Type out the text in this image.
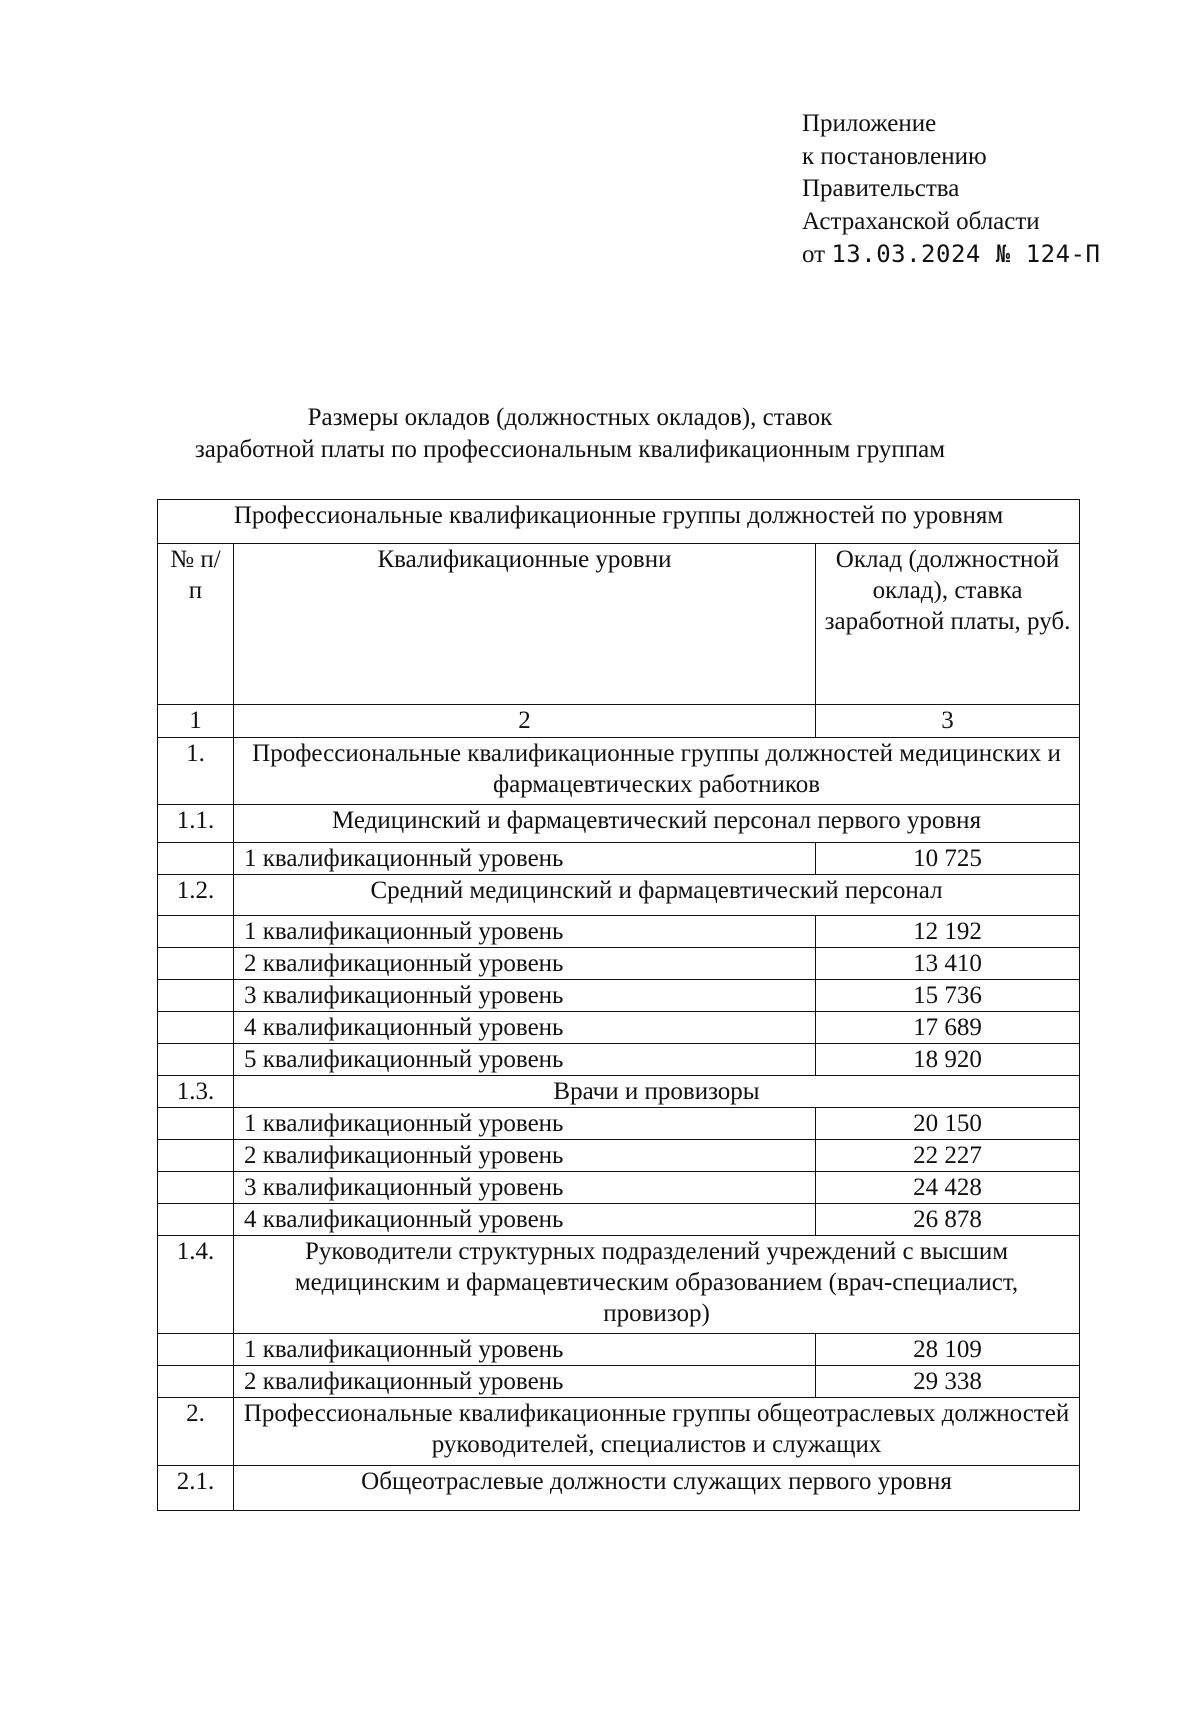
Приложение
к постановлению
Правительства
Астраханской области
от 13.03.2024 № 124-П
Размеры окладов (должностных окладов), ставок
заработной платы по профессиональным квалификационным группам
Профессиональные квалификационные группы должностей по уровням		
№ п/п	Квалификационные уровни	Оклад (должностной оклад), ставка заработной платы, руб.
1	2	3
1.	Профессиональные квалификационные группы должностей медицинских и фармацевтических работников	
1.1.	Медицинский и фармацевтический персонал первого уровня	
	1 квалификационный уровень	10 725
1.2.	Средний медицинский и фармацевтический персонал	
	1 квалификационный уровень	12 192
	2 квалификационный уровень	13 410
	3 квалификационный уровень	15 736
	4 квалификационный уровень	17 689
	5 квалификационный уровень	18 920
1.3.	Врачи и провизоры	
	1 квалификационный уровень	20 150
	2 квалификационный уровень	22 227
	3 квалификационный уровень	24 428
	4 квалификационный уровень	26 878
1.4.	Руководители структурных подразделений учреждений с высшим медицинским и фармацевтическим образованием (врач-специалист, провизор)	
	1 квалификационный уровень	28 109
	2 квалификационный уровень	29 338
2.	Профессиональные квалификационные группы общеотраслевых должностей руководителей, специалистов и служащих	
2.1.	Общеотраслевые должности служащих первого уровня	
